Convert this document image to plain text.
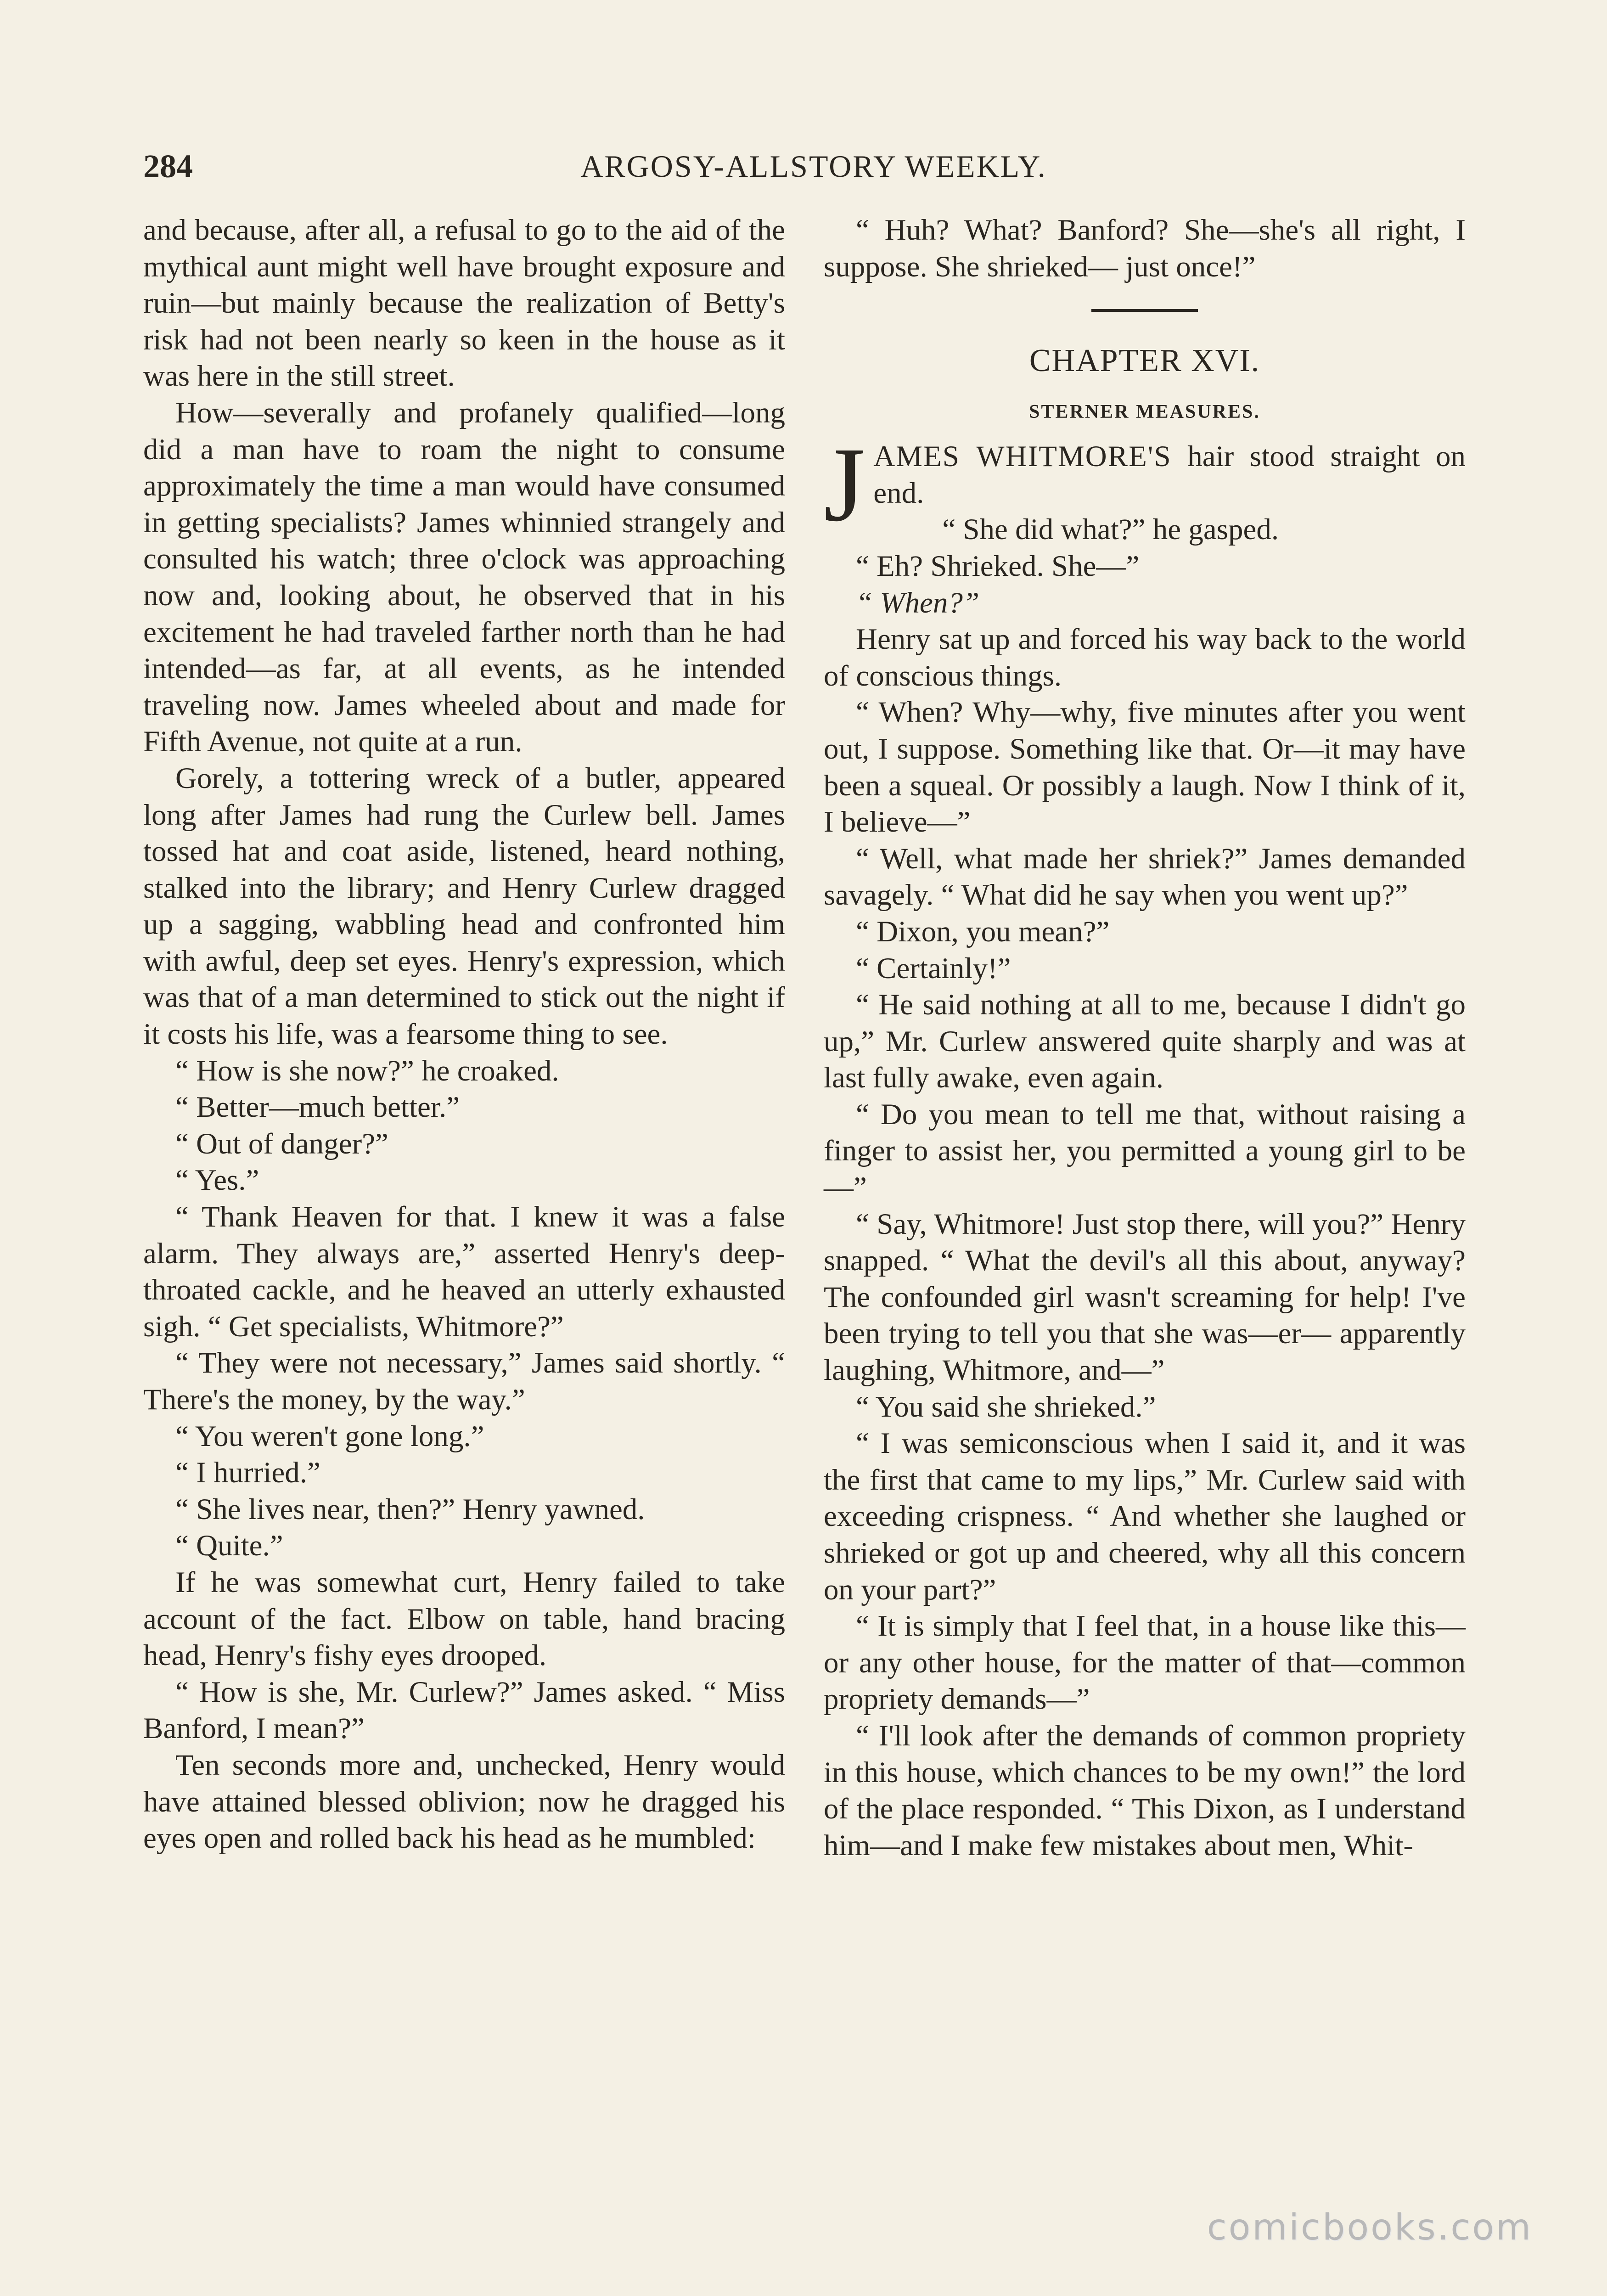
284	ARGOSY-ALLSTORY WEEKLY.

and because, after all, a refusal to go to the aid of the mythical aunt might well have brought exposure and ruin—but mainly because the realization of Betty's risk had not been nearly so keen in the house as it was here in the still street.

How—severally and profanely qualified—long did a man have to roam the night to consume approximately the time a man would have consumed in getting specialists? James whinnied strangely and consulted his watch; three o'clock was approaching now and, looking about, he observed that in his excitement he had traveled farther north than he had intended—as far, at all events, as he intended traveling now. James wheeled about and made for Fifth Avenue, not quite at a run.

Gorely, a tottering wreck of a butler, appeared long after James had rung the Curlew bell. James tossed hat and coat aside, listened, heard nothing, stalked into the library; and Henry Curlew dragged up a sagging, wabbling head and confronted him with awful, deep set eyes. Henry's expression, which was that of a man determined to stick out the night if it costs his life, was a fearsome thing to see.

“ How is she now?” he croaked.

“ Better—much better.”

“ Out of danger?”

“ Yes.”

“ Thank Heaven for that. I knew it was a false alarm. They always are,” asserted Henry's deep-throated cackle, and he heaved an utterly exhausted sigh. “ Get specialists, Whitmore?”

“ They were not necessary,” James said shortly. “ There's the money, by the way.”

“ You weren't gone long.”

“ I hurried.”

“ She lives near, then?” Henry yawned.

“ Quite.”

If he was somewhat curt, Henry failed to take account of the fact. Elbow on table, hand bracing head, Henry's fishy eyes drooped.

“ How is she, Mr. Curlew?” James asked. “ Miss Banford, I mean?”

Ten seconds more and, unchecked, Henry would have attained blessed oblivion; now he dragged his eyes open and rolled back his head as he mumbled:

“ Huh? What? Banford? She—she's all right, I suppose. She shrieked— just once!”

CHAPTER XVI.
STERNER MEASURES.

JAMES WHITMORE'S hair stood straight on end.

“ She did what?” he gasped.

“ Eh? Shrieked. She—”

“ When?”

Henry sat up and forced his way back to the world of conscious things.

“ When? Why—why, five minutes after you went out, I suppose. Something like that. Or—it may have been a squeal. Or possibly a laugh. Now I think of it, I believe—”

“ Well, what made her shriek?” James demanded savagely. “ What did he say when you went up?”

“ Dixon, you mean?”

“ Certainly!”

“ He said nothing at all to me, because I didn't go up,” Mr. Curlew answered quite sharply and was at last fully awake, even again.

“ Do you mean to tell me that, without raising a finger to assist her, you permitted a young girl to be—”

“ Say, Whitmore! Just stop there, will you?” Henry snapped. “ What the devil's all this about, anyway? The confounded girl wasn't screaming for help! I've been trying to tell you that she was—er— apparently laughing, Whitmore, and—”

“ You said she shrieked.”

“ I was semiconscious when I said it, and it was the first that came to my lips,” Mr. Curlew said with exceeding crispness. “ And whether she laughed or shrieked or got up and cheered, why all this concern on your part?”

“ It is simply that I feel that, in a house like this—or any other house, for the matter of that—common propriety demands—”

“ I'll look after the demands of common propriety in this house, which chances to be my own!” the lord of the place responded. “ This Dixon, as I understand him—and I make few mistakes about men, Whit-

comicbooks.com
